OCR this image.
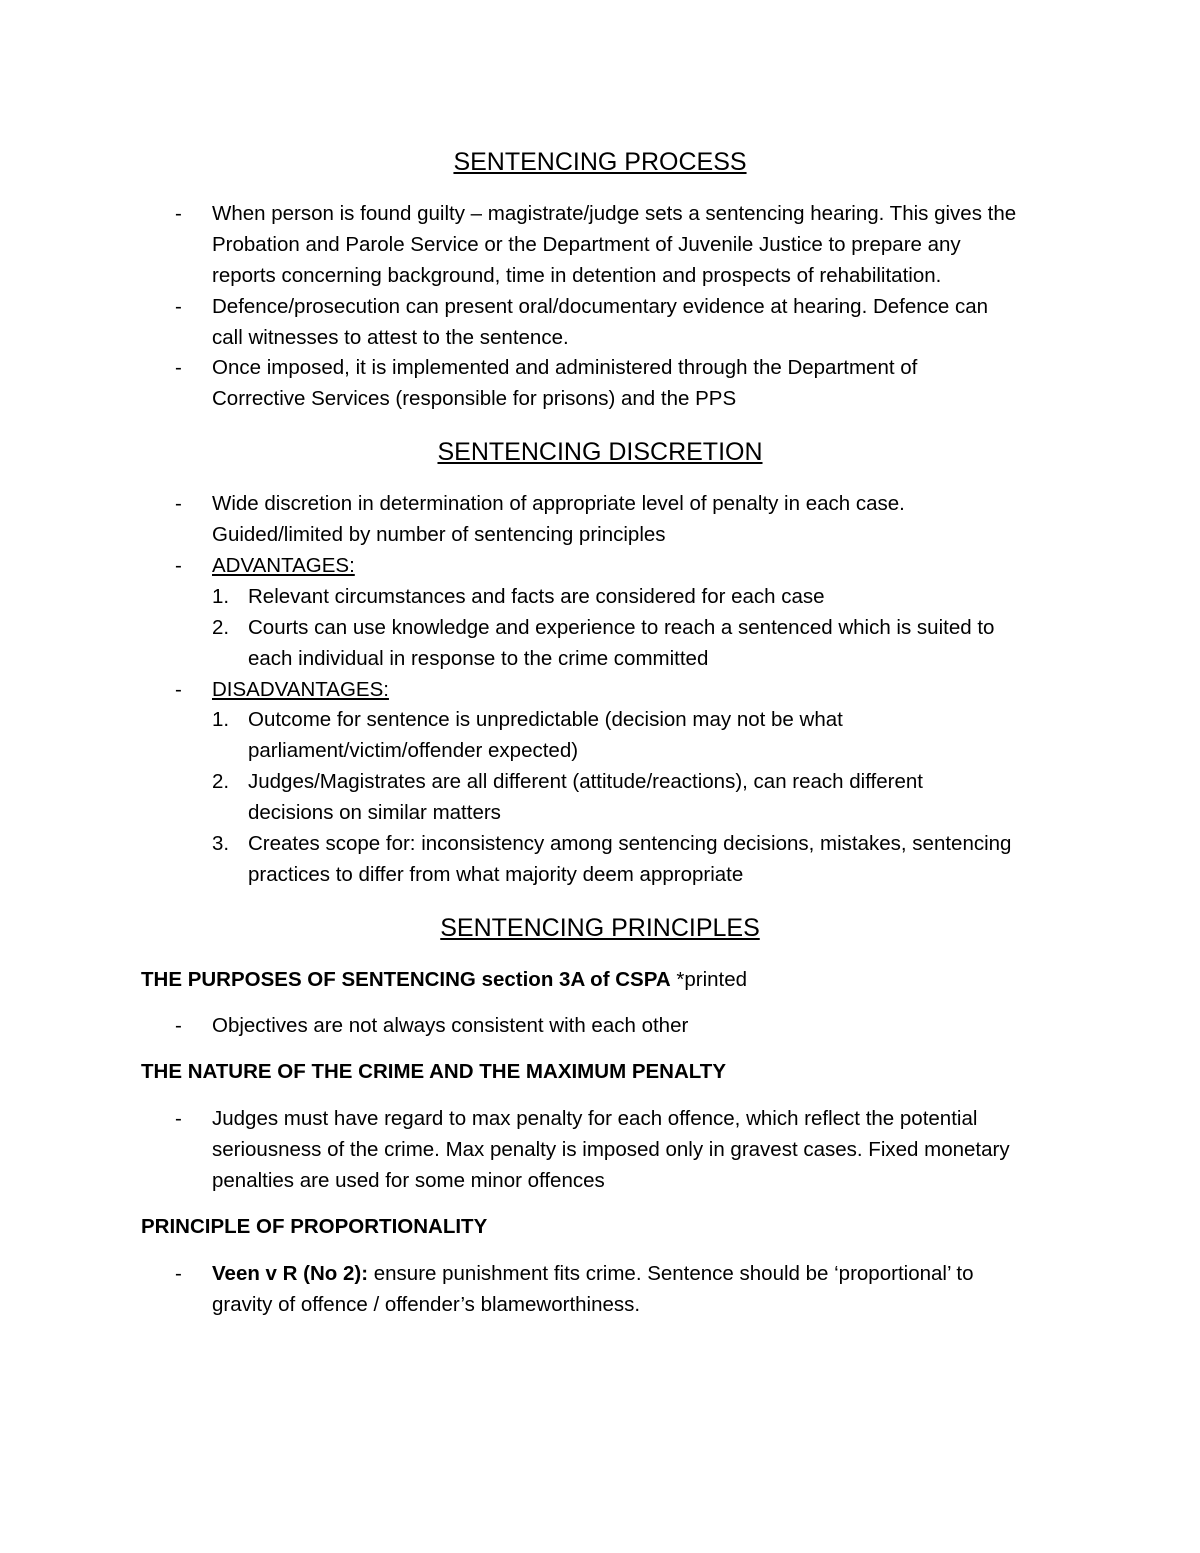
SENTENCING PROCESS
- When person is found guilty – magistrate/judge sets a sentencing hearing. This gives the
Probation and Parole Service or the Department of Juvenile Justice to prepare any
reports concerning background, time in detention and prospects of rehabilitation.
- Defence/prosecution can present oral/documentary evidence at hearing. Defence can
call witnesses to attest to the sentence.
- Once imposed, it is implemented and administered through the Department of
Corrective Services (responsible for prisons) and the PPS
SENTENCING DISCRETION
- Wide discretion in determination of appropriate level of penalty in each case.
Guided/limited by number of sentencing principles
- ADVANTAGES:
1. Relevant circumstances and facts are considered for each case
2. Courts can use knowledge and experience to reach a sentenced which is suited to
each individual in response to the crime committed
- DISADVANTAGES:
1. Outcome for sentence is unpredictable (decision may not be what
parliament/victim/offender expected)
2. Judges/Magistrates are all different (attitude/reactions), can reach different
decisions on similar matters
3. Creates scope for: inconsistency among sentencing decisions, mistakes, sentencing
practices to differ from what majority deem appropriate
SENTENCING PRINCIPLES
THE PURPOSES OF SENTENCING section 3A of CSPA *printed
- Objectives are not always consistent with each other
THE NATURE OF THE CRIME AND THE MAXIMUM PENALTY
- Judges must have regard to max penalty for each offence, which reflect the potential
seriousness of the crime. Max penalty is imposed only in gravest cases. Fixed monetary
penalties are used for some minor offences
PRINCIPLE OF PROPORTIONALITY
- Veen v R (No 2): ensure punishment fits crime. Sentence should be ‘proportional’ to
gravity of offence / offender’s blameworthiness.
